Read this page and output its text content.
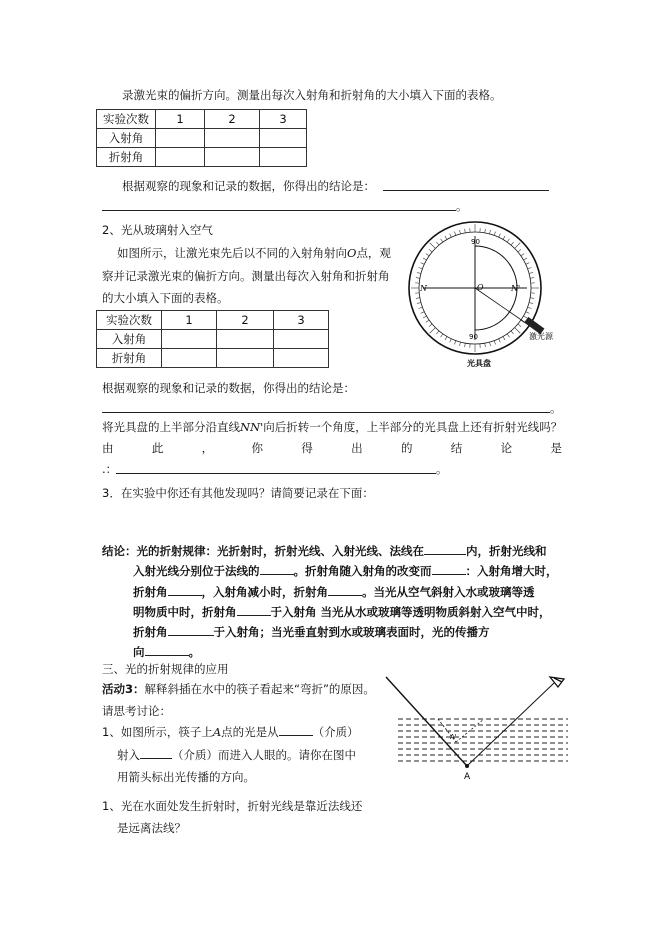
录激光束的偏折方向。测量出每次入射角和折射角的大小填入下面的表格。
实验次数	1	2	3
入射角			
折射角			
根据观察的现象和记录的数据，你得出的结论是：
。
2、光从玻璃射入空气
如图所示，让激光束先后以不同的入射角射向O点，观
察并记录激光束的偏折方向。测量出每次入射角和折射角
的大小填入下面的表格。
实验次数	1	2	3
入射角			
折射角			
90
90
N	O	N'
激光源
光具盘
根据观察的现象和记录的数据，你得出的结论是：
。
将光具盘的上半部分沿直线NN'向后折转一个角度，上半部分的光具盘上还有折射光线吗？
由	此	，	你	得	出	的	结	论	是
.：	。
3．在实验中你还有其他发现吗？请简要记录在下面：
结论：光的折射规律：光折射时，折射光线、入射光线、法线在	内，折射光线和
入射光线分别位于法线的	。折射角随入射角的改变而	：入射角增大时，
折射角	，入射角减小时，折射角	。当光从空气斜射入水或玻璃等透
明物质中时，折射角	于入射角 当光从水或玻璃等透明物质斜射入空气中时，
折射角	于入射角；当光垂直射到水或玻璃表面时，光的传播方
向	。
三、光的折射规律的应用
活动3：解释斜插在水中的筷子看起来“弯折”的原因。
请思考讨论：
1、如图所示，筷子上A点的光是从	（介质）
射入	（介质）而进入人眼的。请你在图中
用箭头标出光传播的方向。
1、光在水面处发生折射时，折射光线是靠近法线还
是远离法线？
A
A'
